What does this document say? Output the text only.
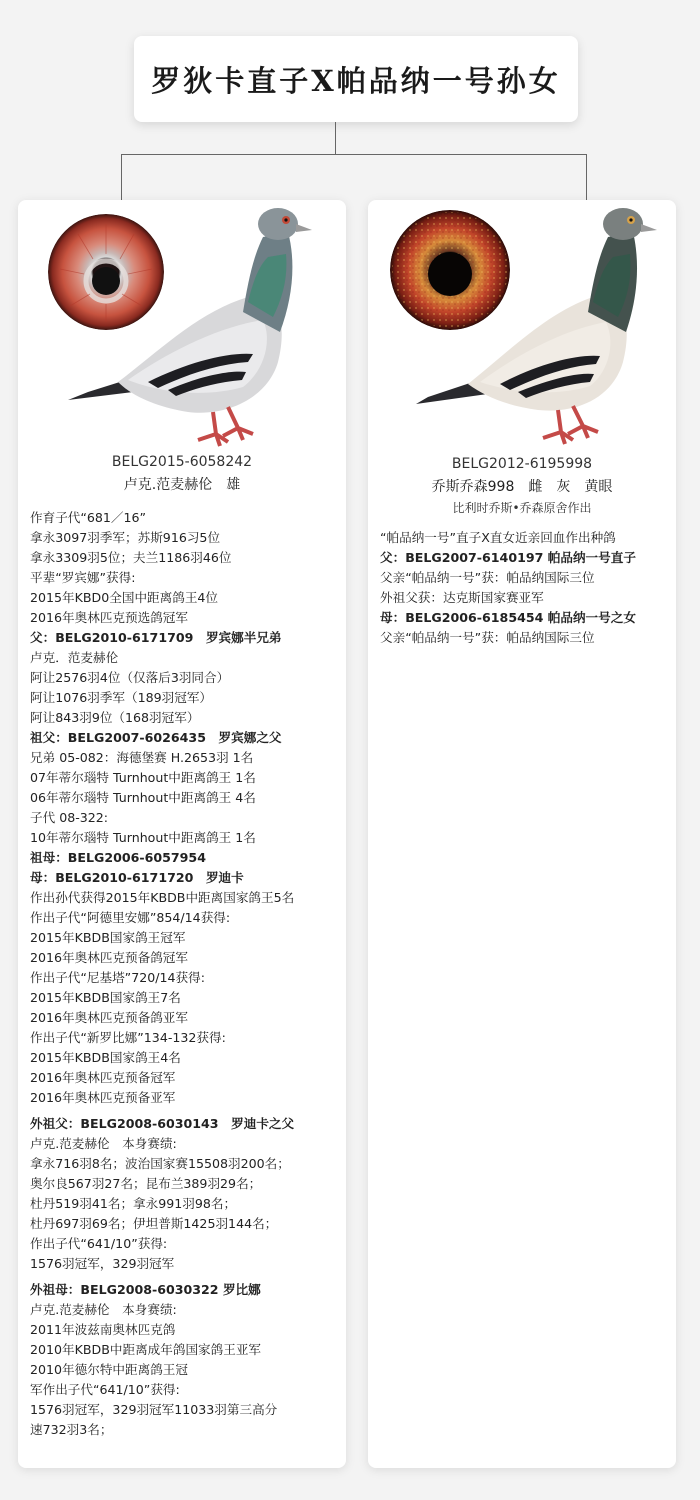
罗狄卡直子X帕品纳一号孙女
BELG2015-6058242
卢克.范麦赫伦　雄
作育子代“681／16”
拿永3097羽季军；苏斯916习5位
拿永3309羽5位；夫兰1186羽46位
平辈“罗宾娜”获得:
2015年KBD0全国中距离鸽王4位
2016年奥林匹克预选鸽冠军
父：BELG2010-6171709　罗宾娜半兄弟
卢克．范麦赫伦
阿让2576羽4位（仅落后3羽同合）
阿让1076羽季军（189羽冠军）
阿让843羽9位（168羽冠军）
祖父：BELG2007-6026435　罗宾娜之父
兄弟 05-082：海德堡赛 H.2653羽 1名
07年蒂尔瑙特 Turnhout中距离鸽王 1名
06年蒂尔瑙特 Turnhout中距离鸽王 4名
子代 08-322:
10年蒂尔瑙特 Turnhout中距离鸽王 1名
祖母：BELG2006-6057954
母：BELG2010-6171720　罗迪卡
作出孙代获得2015年KBDB中距离国家鸽王5名
作出子代“阿德里安娜”854/14获得:
2015年KBDB国家鸽王冠军
2016年奥林匹克预备鸽冠军
作出子代“尼基塔”720/14获得:
2015年KBDB国家鸽王7名
2016年奥林匹克预备鸽亚军
作出子代“新罗比娜”134-132获得:
2015年KBDB国家鸽王4名
2016年奥林匹克预备冠军
2016年奥林匹克预备亚军
外祖父：BELG2008-6030143　罗迪卡之父
卢克.范麦赫伦　本身赛绩:
拿永716羽8名；波治国家赛15508羽200名；
奥尔良567羽27名；昆布兰389羽29名；
杜丹519羽41名；拿永991羽98名；
杜丹697羽69名；伊坦普斯1425羽144名；
作出子代“641/10”获得:
1576羽冠军，329羽冠军
外祖母：BELG2008-6030322 罗比娜
卢克.范麦赫伦　本身赛绩:
2011年波兹南奥林匹克鸽
2010年KBDB中距离成年鸽国家鸽王亚军
2010年德尔特中距离鸽王冠
军作出子代“641/10”获得:
1576羽冠军，329羽冠军11033羽第三高分
速732羽3名；
BELG2012-6195998
乔斯乔森998　雌　灰　黄眼
比利时乔斯•乔森原舍作出
“帕品纳一号”直子X直女近亲回血作出种鸽
父：BELG2007-6140197 帕品纳一号直子
父亲“帕品纳一号”获：帕品纳国际三位
外祖父获：达克斯国家赛亚军
母：BELG2006-6185454 帕品纳一号之女
父亲“帕品纳一号”获：帕品纳国际三位
